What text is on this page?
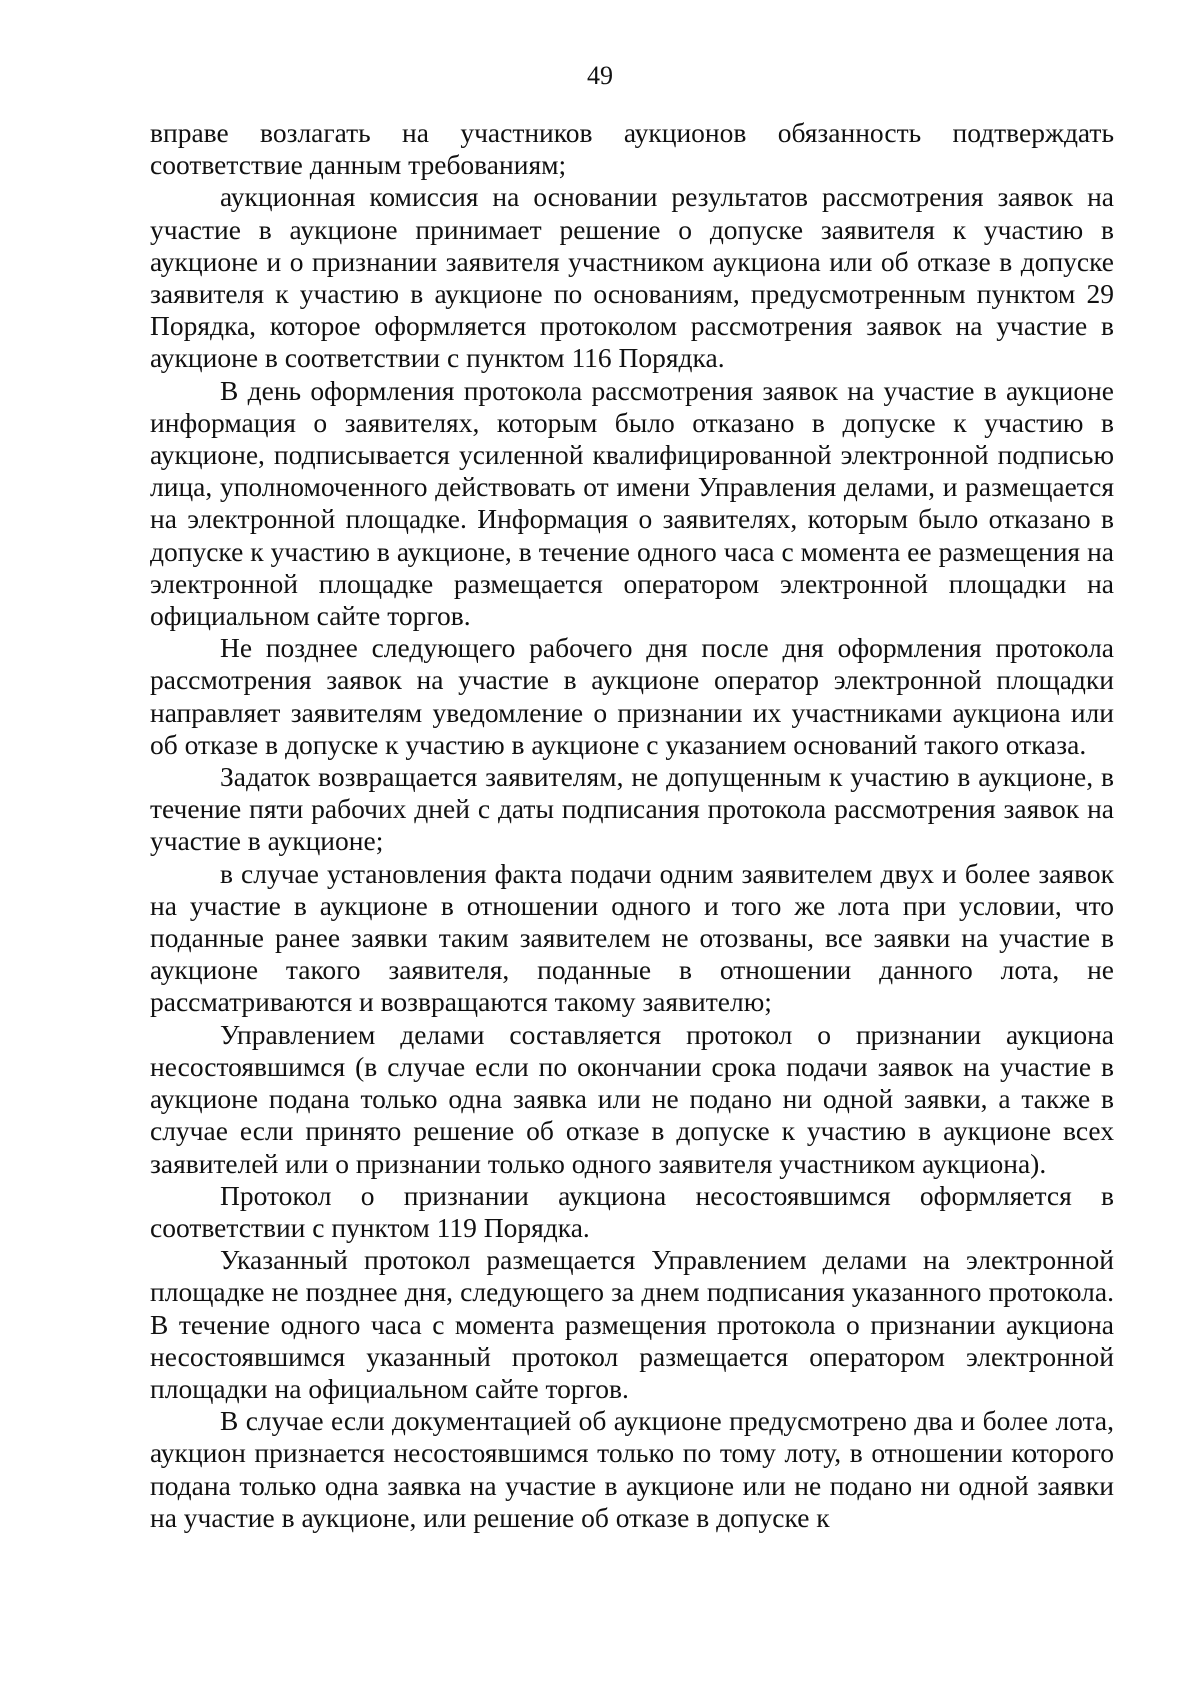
49

вправе возлагать на участников аукционов обязанность подтверждать соответствие данным требованиям;

аукционная комиссия на основании результатов рассмотрения заявок на участие в аукционе принимает решение о допуске заявителя к участию в аукционе и о признании заявителя участником аукциона или об отказе в допуске заявителя к участию в аукционе по основаниям, предусмотренным пунктом 29 Порядка, которое оформляется протоколом рассмотрения заявок на участие в аукционе в соответствии с пунктом 116 Порядка.

В день оформления протокола рассмотрения заявок на участие в аукционе информация о заявителях, которым было отказано в допуске к участию в аукционе, подписывается усиленной квалифицированной электронной подписью лица, уполномоченного действовать от имени Управления делами, и размещается на электронной площадке. Информация о заявителях, которым было отказано в допуске к участию в аукционе, в течение одного часа с момента ее размещения на электронной площадке размещается оператором электронной площадки на официальном сайте торгов.

Не позднее следующего рабочего дня после дня оформления протокола рассмотрения заявок на участие в аукционе оператор электронной площадки направляет заявителям уведомление о признании их участниками аукциона или об отказе в допуске к участию в аукционе с указанием оснований такого отказа.

Задаток возвращается заявителям, не допущенным к участию в аукционе, в течение пяти рабочих дней с даты подписания протокола рассмотрения заявок на участие в аукционе;

в случае установления факта подачи одним заявителем двух и более заявок на участие в аукционе в отношении одного и того же лота при условии, что поданные ранее заявки таким заявителем не отозваны, все заявки на участие в аукционе такого заявителя, поданные в отношении данного лота, не рассматриваются и возвращаются такому заявителю;

Управлением делами составляется протокол о признании аукциона несостоявшимся (в случае если по окончании срока подачи заявок на участие в аукционе подана только одна заявка или не подано ни одной заявки, а также в случае если принято решение об отказе в допуске к участию в аукционе всех заявителей или о признании только одного заявителя участником аукциона).

Протокол о признании аукциона несостоявшимся оформляется в соответствии с пунктом 119 Порядка.

Указанный протокол размещается Управлением делами на электронной площадке не позднее дня, следующего за днем подписания указанного протокола. В течение одного часа с момента размещения протокола о признании аукциона несостоявшимся указанный протокол размещается оператором электронной площадки на официальном сайте торгов.

В случае если документацией об аукционе предусмотрено два и более лота, аукцион признается несостоявшимся только по тому лоту, в отношении которого подана только одна заявка на участие в аукционе или не подано ни одной заявки на участие в аукционе, или решение об отказе в допуске к
